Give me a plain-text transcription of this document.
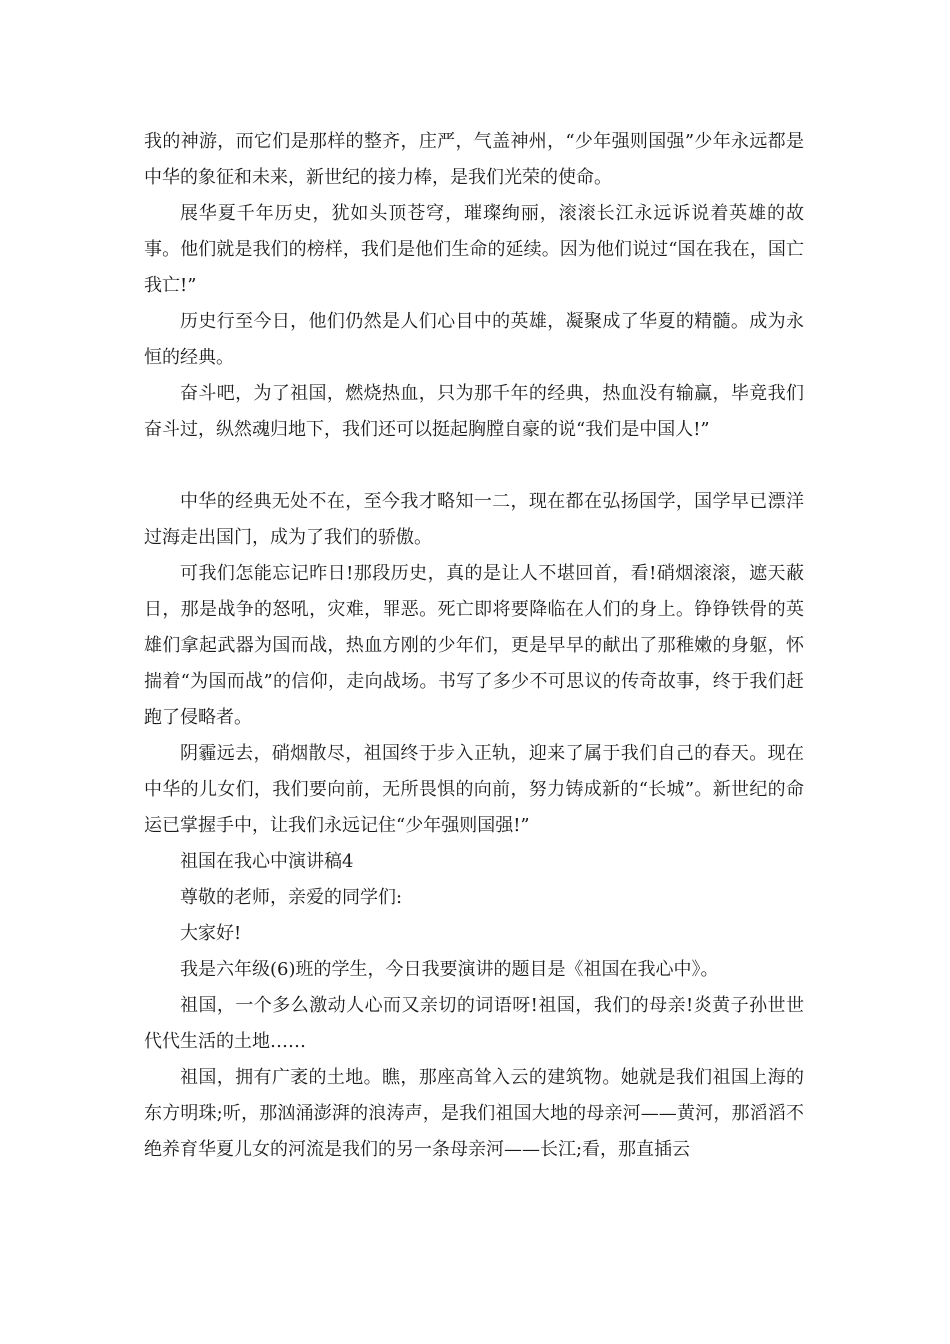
我的神游，而它们是那样的整齐，庄严，气盖神州，“少年强则国强”少年永远都是中华的象征和未来，新世纪的接力棒，是我们光荣的使命。

展华夏千年历史，犹如头顶苍穹，璀璨绚丽，滚滚长江永远诉说着英雄的故事。他们就是我们的榜样，我们是他们生命的延续。因为他们说过“国在我在，国亡我亡!”

历史行至今日，他们仍然是人们心目中的英雄，凝聚成了华夏的精髓。成为永恒的经典。

奋斗吧，为了祖国，燃烧热血，只为那千年的经典，热血没有输赢，毕竟我们奋斗过，纵然魂归地下，我们还可以挺起胸膛自豪的说“我们是中国人!”

中华的经典无处不在，至今我才略知一二，现在都在弘扬国学，国学早已漂洋过海走出国门，成为了我们的骄傲。

可我们怎能忘记昨日!那段历史，真的是让人不堪回首，看!硝烟滚滚，遮天蔽日，那是战争的怒吼，灾难，罪恶。死亡即将要降临在人们的身上。铮铮铁骨的英雄们拿起武器为国而战，热血方刚的少年们，更是早早的献出了那稚嫩的身躯，怀揣着“为国而战”的信仰，走向战场。书写了多少不可思议的传奇故事，终于我们赶跑了侵略者。

阴霾远去，硝烟散尽，祖国终于步入正轨，迎来了属于我们自己的春天。现在中华的儿女们，我们要向前，无所畏惧的向前，努力铸成新的“长城”。新世纪的命运已掌握手中，让我们永远记住“少年强则国强!”

祖国在我心中演讲稿4

尊敬的老师，亲爱的同学们:

大家好!

我是六年级(6)班的学生，今日我要演讲的题目是《祖国在我心中》。

祖国，一个多么激动人心而又亲切的词语呀!祖国，我们的母亲!炎黄子孙世世代代生活的土地……

祖国，拥有广袤的土地。瞧，那座高耸入云的建筑物。她就是我们祖国上海的东方明珠;听，那汹涌澎湃的浪涛声，是我们祖国大地的母亲河——黄河，那滔滔不绝养育华夏儿女的河流是我们的另一条母亲河——长江;看，那直插云
